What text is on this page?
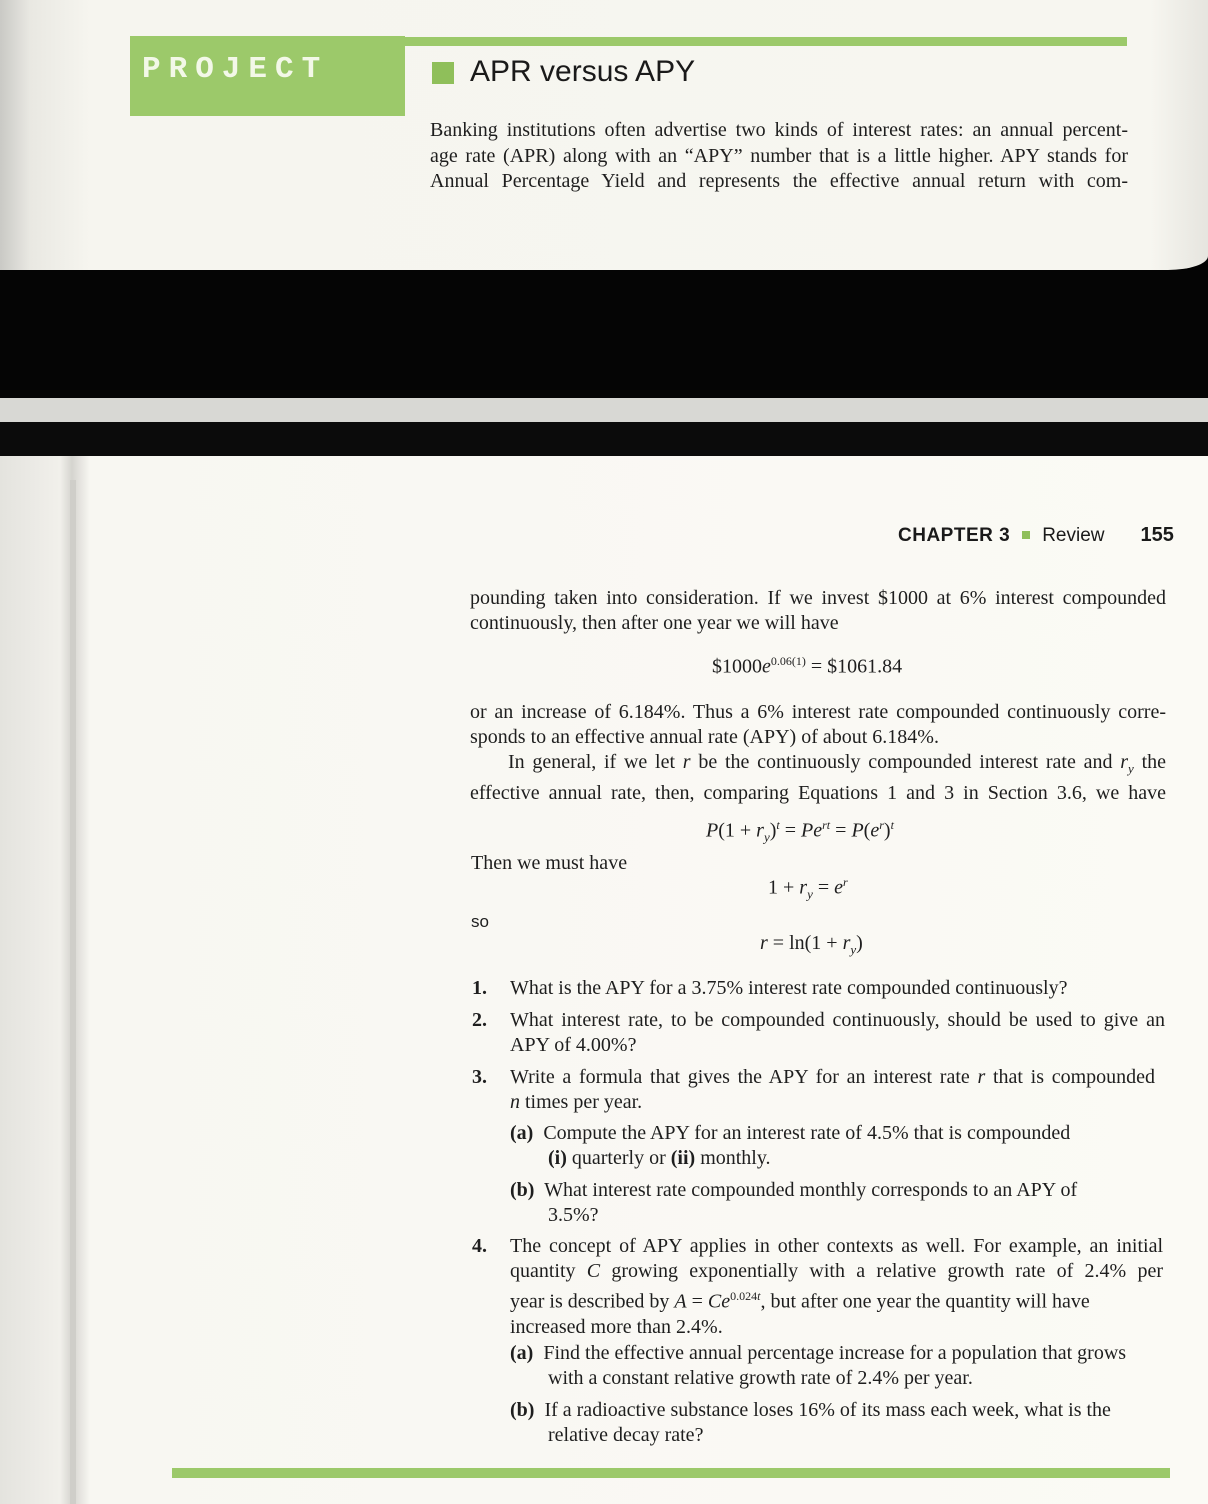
PROJECT	APR versus APY
Banking institutions often advertise two kinds of interest rates: an annual percent-
age rate (APR) along with an “APY” number that is a little higher. APY stands for
Annual Percentage Yield and represents the effective annual return with com-
CHAPTER 3 Review 155
pounding taken into consideration. If we invest $1000 at 6% interest compounded
continuously, then after one year we will have
$\$1000e^{0.06(1)}$ = $1061.84
or an increase of 6.184%. Thus a 6% interest rate compounded continuously corre-
sponds to an effective annual rate (APY) of about 6.184%.
In general, if we let r be the continuously compounded interest rate and $r_y$ the
effective annual rate, then, comparing Equations 1 and 3 in Section 3.6, we have
$P(1 + r_y)^t = Pe^{rt} = P(e^r)^t$
Then we must have
$1 + r_y = e^r$
so
$r = \ln(1 + r_y)$
1. What is the APY for a 3.75% interest rate compounded continuously?
2. What interest rate, to be compounded continuously, should be used to give an
APY of 4.00%?
3. Write a formula that gives the APY for an interest rate r that is compounded
n times per year.
(a) Compute the APY for an interest rate of 4.5% that is compounded
(i) quarterly or (ii) monthly.
(b) What interest rate compounded monthly corresponds to an APY of
3.5%?
4. The concept of APY applies in other contexts as well. For example, an initial
quantity C growing exponentially with a relative growth rate of 2.4% per
year is described by $A = Ce^{0.024t}$, but after one year the quantity will have
increased more than 2.4%.
(a) Find the effective annual percentage increase for a population that grows
with a constant relative growth rate of 2.4% per year.
(b) If a radioactive substance loses 16% of its mass each week, what is the
relative decay rate?
